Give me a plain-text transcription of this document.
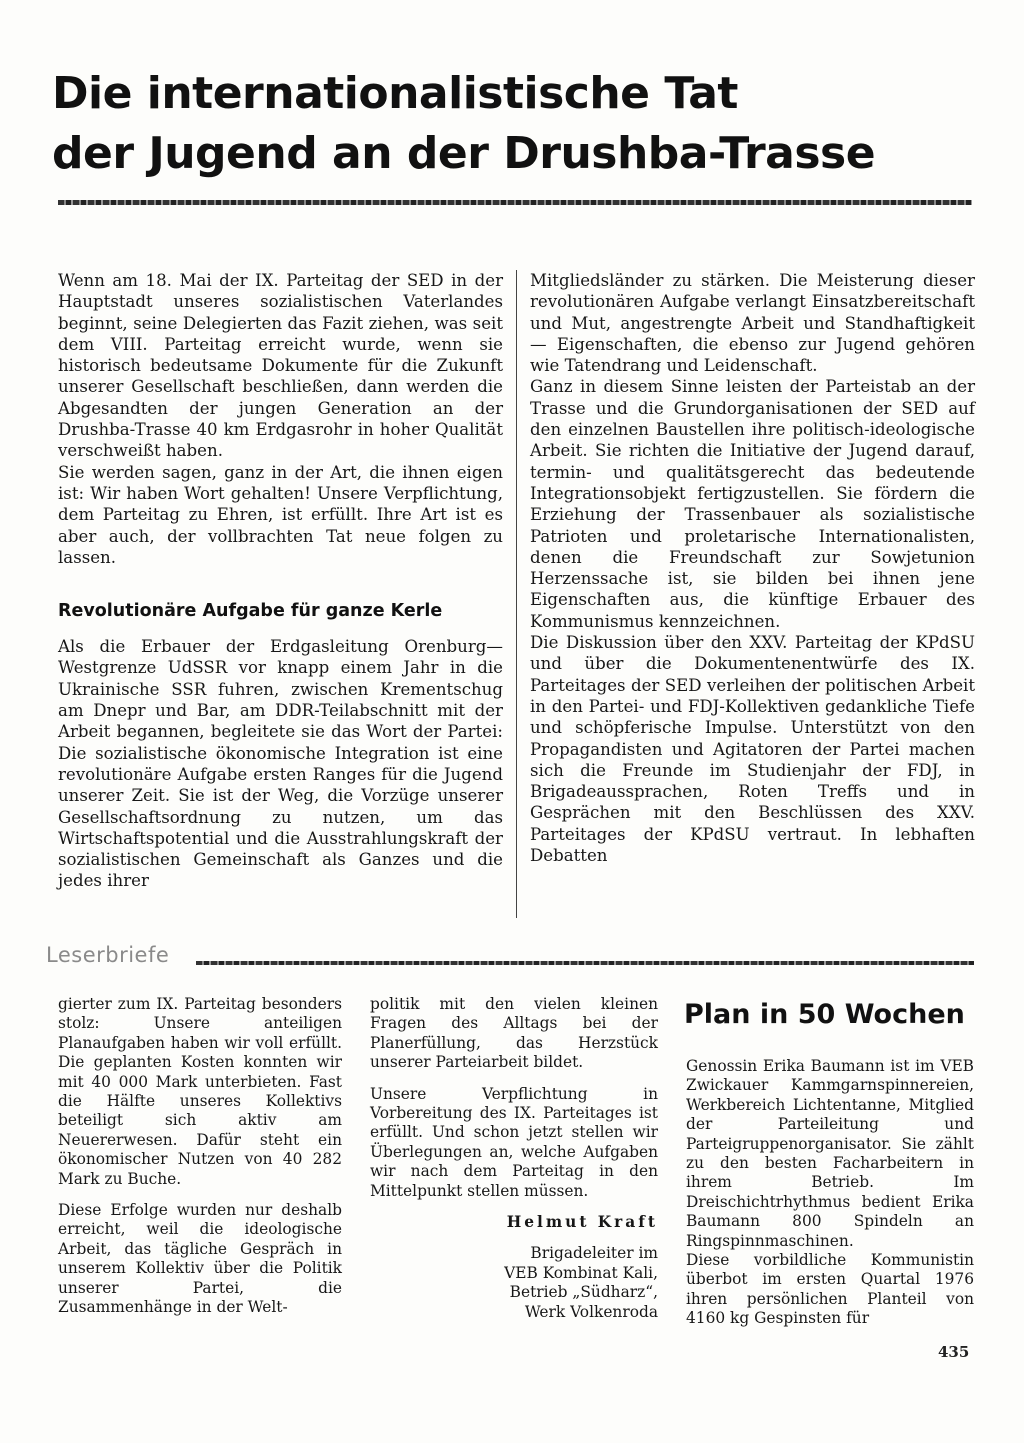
Die internationalistische Tat
der Jugend an der Drushba-Trasse

Wenn am 18. Mai der IX. Parteitag der SED in der Hauptstadt unseres sozialistischen Vaterlandes beginnt, seine Delegierten das Fazit ziehen, was seit dem VIII. Parteitag erreicht wurde, wenn sie historisch bedeutsame Dokumente für die Zukunft unserer Gesellschaft beschließen, dann werden die Abgesandten der jungen Generation an der Drushba-Trasse 40 km Erdgasrohr in hoher Qualität verschweißt haben.

Sie werden sagen, ganz in der Art, die ihnen eigen ist: Wir haben Wort gehalten! Unsere Verpflichtung, dem Parteitag zu Ehren, ist erfüllt. Ihre Art ist es aber auch, der vollbrachten Tat neue folgen zu lassen.

Revolutionäre Aufgabe für ganze Kerle

Als die Erbauer der Erdgasleitung Orenburg—Westgrenze UdSSR vor knapp einem Jahr in die Ukrainische SSR fuhren, zwischen Krementschug am Dnepr und Bar, am DDR-Teilabschnitt mit der Arbeit begannen, begleitete sie das Wort der Partei: Die sozialistische ökonomische Integration ist eine revolutionäre Aufgabe ersten Ranges für die Jugend unserer Zeit. Sie ist der Weg, die Vorzüge unserer Gesellschaftsordnung zu nutzen, um das Wirtschaftspotential und die Ausstrahlungskraft der sozialistischen Gemeinschaft als Ganzes und die jedes ihrer

Mitgliedsländer zu stärken. Die Meisterung dieser revolutionären Aufgabe verlangt Einsatzbereitschaft und Mut, angestrengte Arbeit und Standhaftigkeit — Eigenschaften, die ebenso zur Jugend gehören wie Tatendrang und Leidenschaft.

Ganz in diesem Sinne leisten der Parteistab an der Trasse und die Grundorganisationen der SED auf den einzelnen Baustellen ihre politisch-ideologische Arbeit. Sie richten die Initiative der Jugend darauf, termin- und qualitätsgerecht das bedeutende Integrationsobjekt fertigzustellen. Sie fördern die Erziehung der Trassenbauer als sozialistische Patrioten und proletarische Internationalisten, denen die Freundschaft zur Sowjetunion Herzenssache ist, sie bilden bei ihnen jene Eigenschaften aus, die künftige Erbauer des Kommunismus kennzeichnen.

Die Diskussion über den XXV. Parteitag der KPdSU und über die Dokumentenentwürfe des IX. Parteitages der SED verleihen der politischen Arbeit in den Partei- und FDJ-Kollektiven gedankliche Tiefe und schöpferische Impulse. Unterstützt von den Propagandisten und Agitatoren der Partei machen sich die Freunde im Studienjahr der FDJ, in Brigadeaussprachen, Roten Treffs und in Gesprächen mit den Beschlüssen des XXV. Parteitages der KPdSU vertraut. In lebhaften Debatten

Leserbriefe

gierter zum IX. Parteitag besonders stolz: Unsere anteiligen Planaufgaben haben wir voll erfüllt. Die geplanten Kosten konnten wir mit 40 000 Mark unterbieten. Fast die Hälfte unseres Kollektivs beteiligt sich aktiv am Neuererwesen. Dafür steht ein ökonomischer Nutzen von 40 282 Mark zu Buche.

Diese Erfolge wurden nur deshalb erreicht, weil die ideologische Arbeit, das tägliche Gespräch in unserem Kollektiv über die Politik unserer Partei, die Zusammenhänge in der Welt-

politik mit den vielen kleinen Fragen des Alltags bei der Planerfüllung, das Herzstück unserer Parteiarbeit bildet.

Unsere Verpflichtung in Vorbereitung des IX. Parteitages ist erfüllt. Und schon jetzt stellen wir Überlegungen an, welche Aufgaben wir nach dem Parteitag in den Mittelpunkt stellen müssen.

Helmut Kraft

Brigadeleiter im
VEB Kombinat Kali,
Betrieb „Südharz“,
Werk Volkenroda

Plan in 50 Wochen

Genossin Erika Baumann ist im VEB Zwickauer Kammgarnspinnereien, Werkbereich Lichtentanne, Mitglied der Parteileitung und Parteigruppenorganisator. Sie zählt zu den besten Facharbeitern in ihrem Betrieb. Im Dreischichtrhythmus bedient Erika Baumann 800 Spindeln an Ringspinnmaschinen.

Diese vorbildliche Kommunistin überbot im ersten Quartal 1976 ihren persönlichen Planteil von 4160 kg Gespinsten für

435
